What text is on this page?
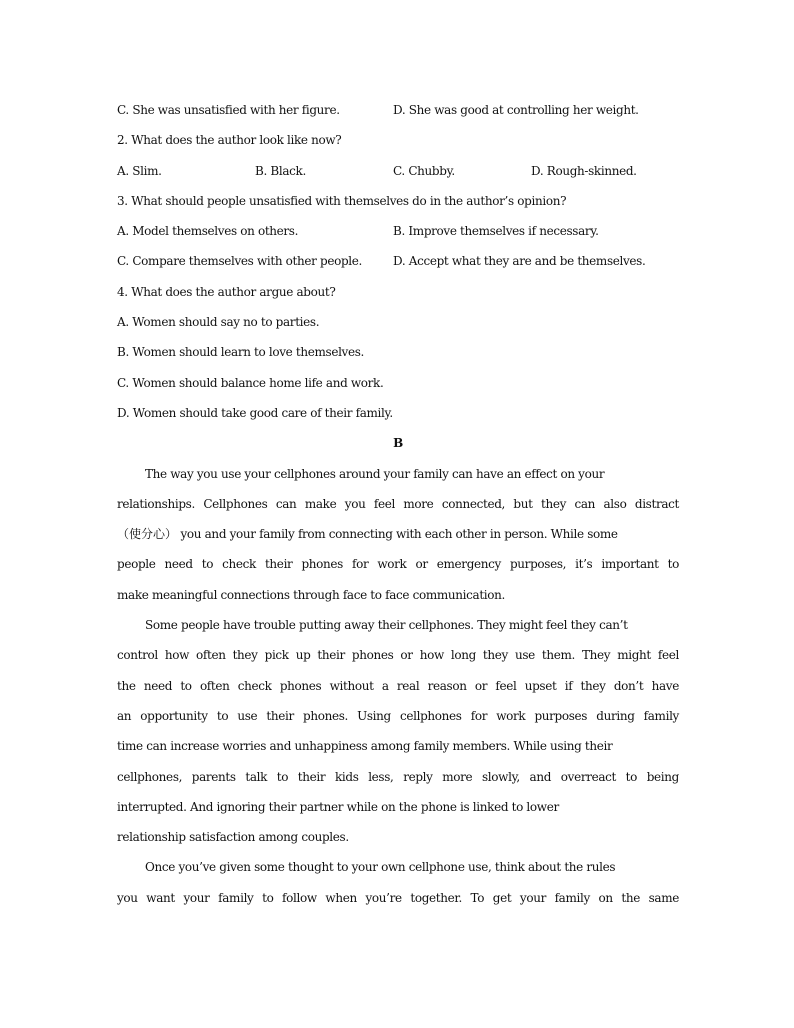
C. She was unsatisfied with her figure.	D. She was good at controlling her weight.
2. What does the author look like now?
A. Slim.	B. Black.	C. Chubby.	D. Rough-skinned.
3. What should people unsatisfied with themselves do in the author’s opinion?
A. Model themselves on others.	B. Improve themselves if necessary.
C. Compare themselves with other people.	D. Accept what they are and be themselves.
4. What does the author argue about?
A. Women should say no to parties.
B. Women should learn to love themselves.
C. Women should balance home life and work.
D. Women should take good care of their family.
B
The way you use your cellphones around your family can have an effect on your
relationships. Cellphones can make you feel more connected, but they can also distract
（使分心） you and your family from connecting with each other in person. While some
people need to check their phones for work or emergency purposes, it’s important to
make meaningful connections through face to face communication.
Some people have trouble putting away their cellphones. They might feel they can’t
control how often they pick up their phones or how long they use them. They might feel
the need to often check phones without a real reason or feel upset if they don’t have
an opportunity to use their phones. Using cellphones for work purposes during family
time can increase worries and unhappiness among family members. While using their
cellphones, parents talk to their kids less, reply more slowly, and overreact to being
interrupted. And ignoring their partner while on the phone is linked to lower
relationship satisfaction among couples.
Once you’ve given some thought to your own cellphone use, think about the rules
you want your family to follow when you’re together. To get your family on the same
